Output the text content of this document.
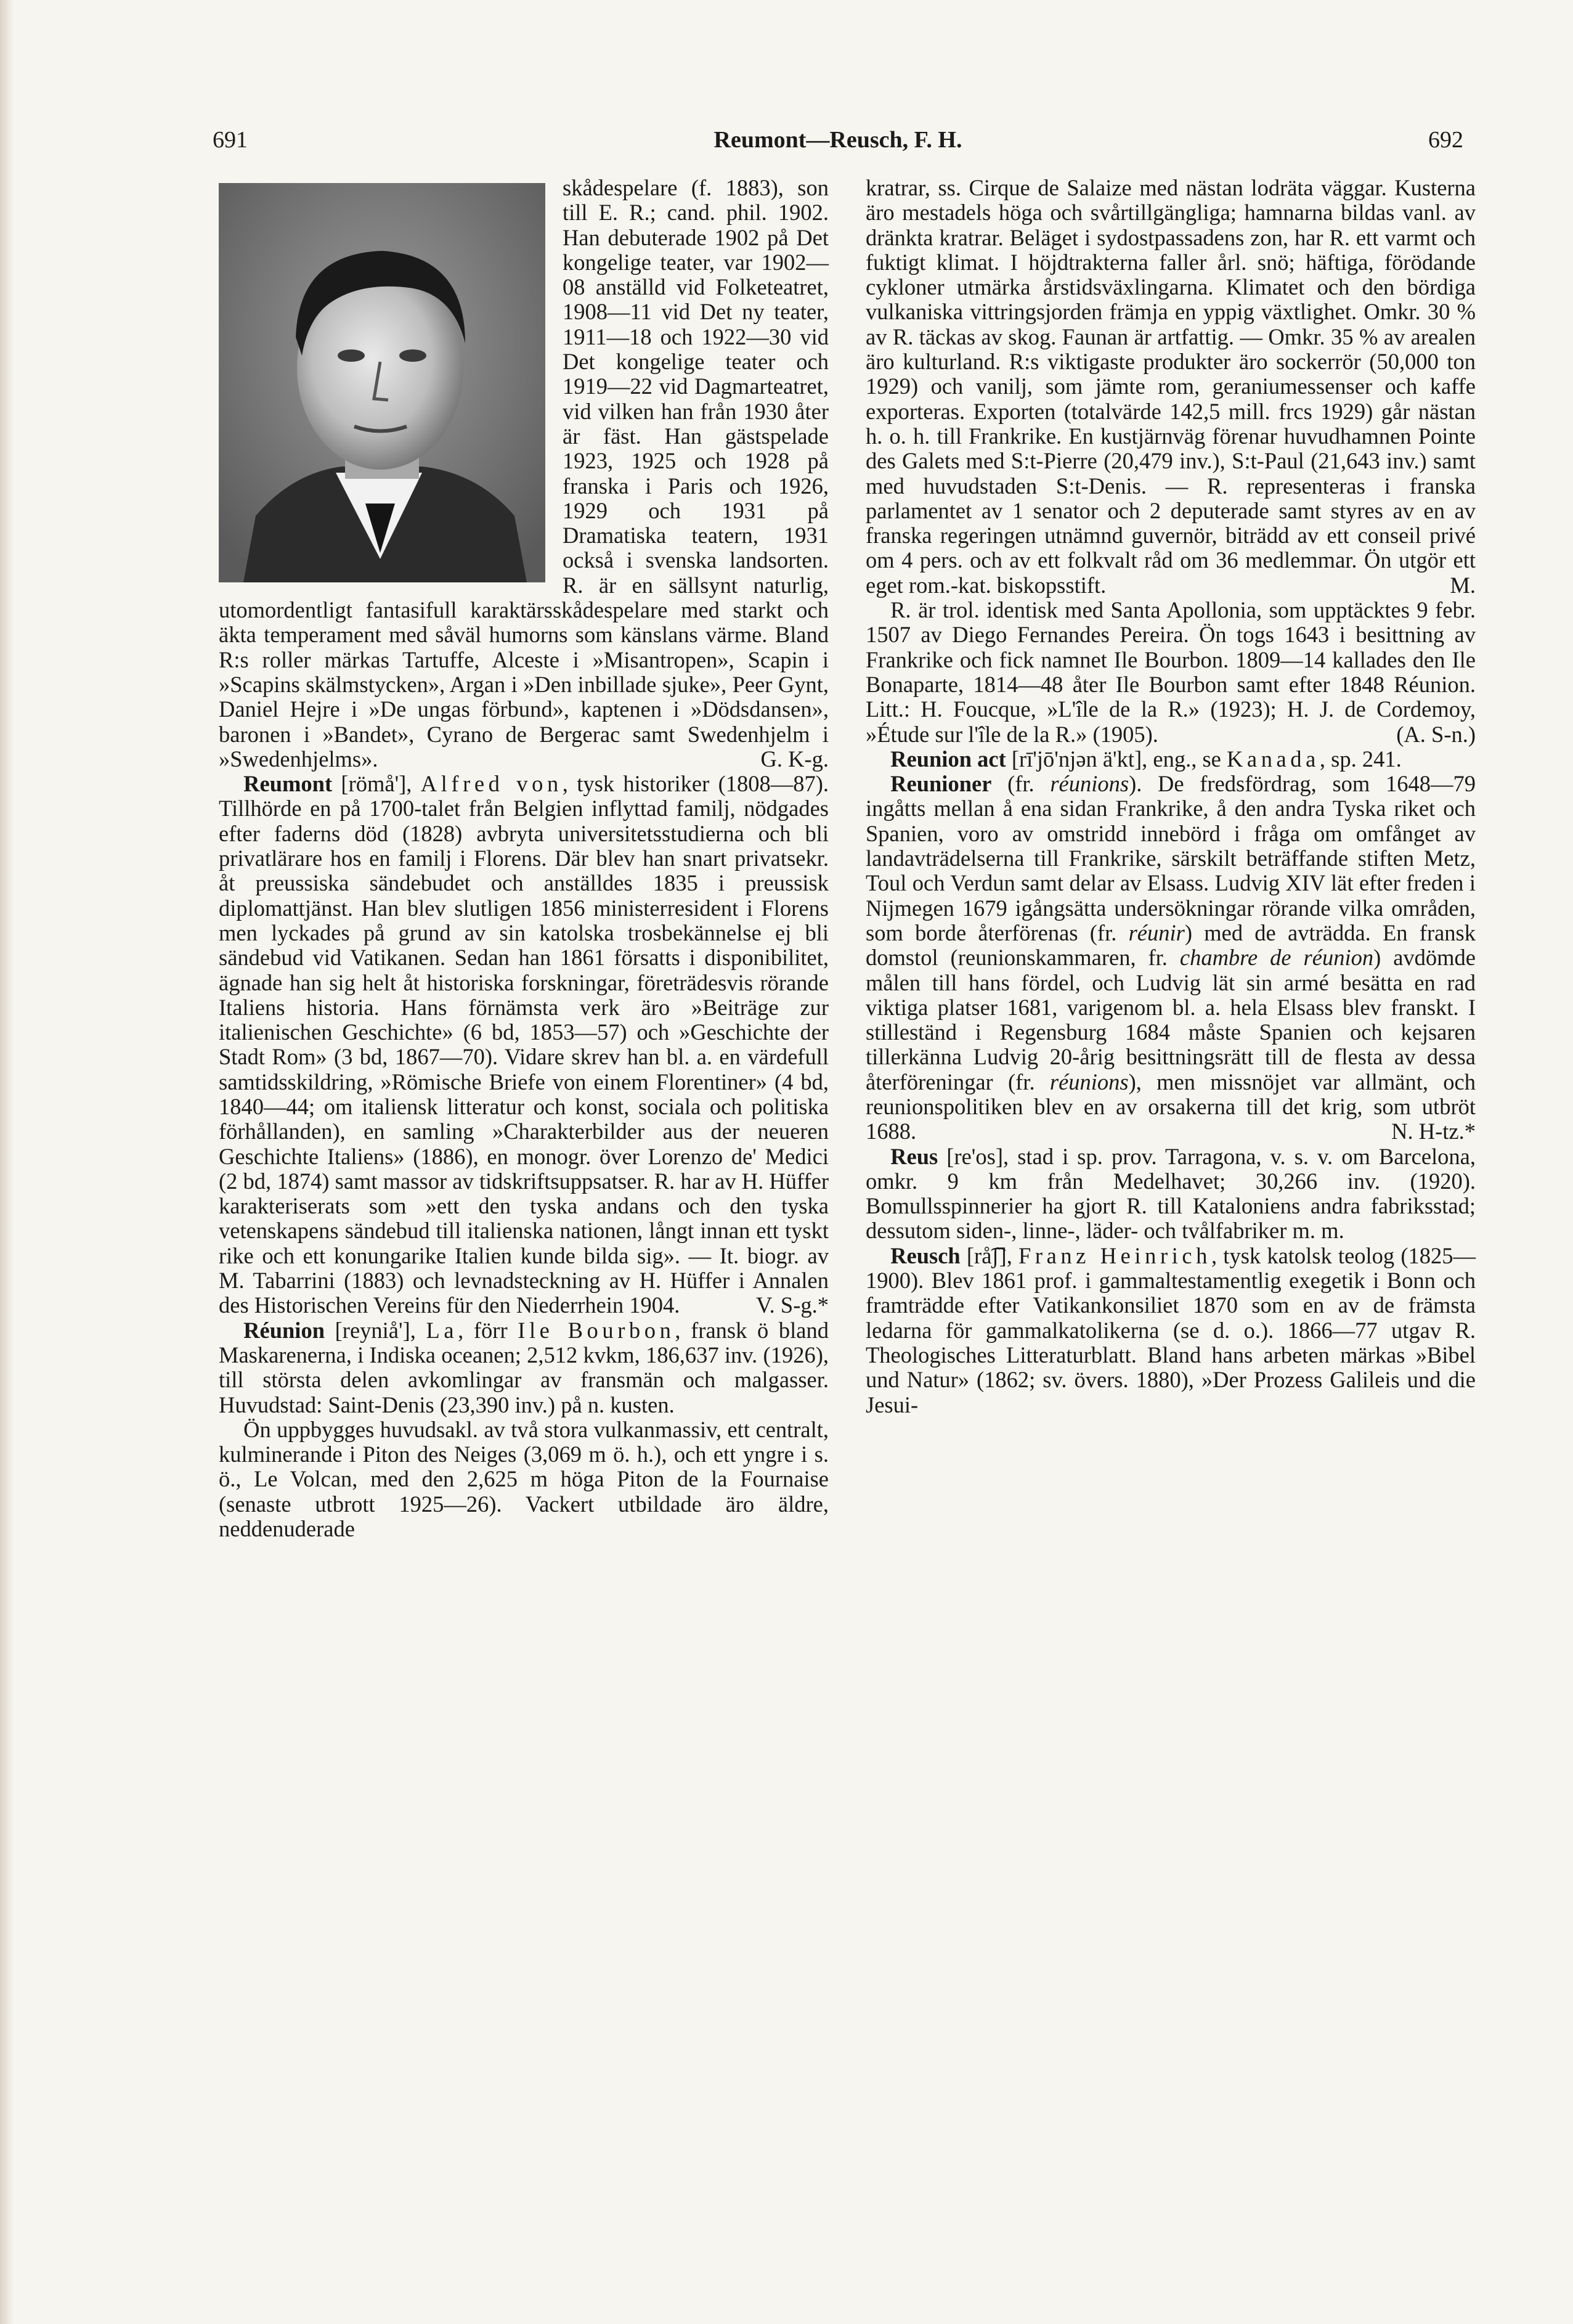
691	Reumont—Reusch, F. H.	692

skådespelare (f. 1883), son till E. R.; cand. phil. 1902. Han debuterade 1902 på Det kongelige teater, var 1902—08 anställd vid Folketeatret, 1908—11 vid Det ny teater, 1911—18 och 1922—30 vid Det kongelige teater och 1919—22 vid Dagmarteatret, vid vilken han från 1930 åter är fäst. Han gästspelade 1923, 1925 och 1928 på franska i Paris och 1926, 1929 och 1931 på Dramatiska teatern, 1931 också i svenska landsorten. R. är en sällsynt naturlig, utomordentligt fantasifull karaktärsskådespelare med starkt och äkta temperament med såväl humorns som känslans värme. Bland R:s roller märkas Tartuffe, Alceste i »Misantropen», Scapin i »Scapins skälmstycken», Argan i »Den inbillade sjuke», Peer Gynt, Daniel Hejre i »De ungas förbund», kaptenen i »Dödsdansen», baronen i »Bandet», Cyrano de Bergerac samt Swedenhjelm i »Swedenhjelms».	G. K-g.

Reumont [römå'], Alfred von, tysk historiker (1808—87). Tillhörde en på 1700-talet från Belgien inflyttad familj, nödgades efter faderns död (1828) avbryta universitetsstudierna och bli privatlärare hos en familj i Florens. Där blev han snart privatsekr. åt preussiska sändebudet och anställdes 1835 i preussisk diplomattjänst. Han blev slutligen 1856 ministerresident i Florens men lyckades på grund av sin katolska trosbekännelse ej bli sändebud vid Vatikanen. Sedan han 1861 försatts i disponibilitet, ägnade han sig helt åt historiska forskningar, företrädesvis rörande Italiens historia. Hans förnämsta verk äro »Beiträge zur italienischen Geschichte» (6 bd, 1853—57) och »Geschichte der Stadt Rom» (3 bd, 1867—70). Vidare skrev han bl. a. en värdefull samtidsskildring, »Römische Briefe von einem Florentiner» (4 bd, 1840—44; om italiensk litteratur och konst, sociala och politiska förhållanden), en samling »Charakterbilder aus der neueren Geschichte Italiens» (1886), en monogr. över Lorenzo de' Medici (2 bd, 1874) samt massor av tidskriftsuppsatser. R. har av H. Hüffer karakteriserats som »ett den tyska andans och den tyska vetenskapens sändebud till italienska nationen, långt innan ett tyskt rike och ett konungarike Italien kunde bilda sig». — It. biogr. av M. Tabarrini (1883) och levnadsteckning av H. Hüffer i Annalen des Historischen Vereins für den Niederrhein 1904.	V. S-g.*

Réunion [reyniå'], La, förr Ile Bourbon, fransk ö bland Maskarenerna, i Indiska oceanen; 2,512 kvkm, 186,637 inv. (1926), till största delen avkomlingar av fransmän och malgasser. Huvudstad: Saint-Denis (23,390 inv.) på n. kusten.

Ön uppbygges huvudsakl. av två stora vulkanmassiv, ett centralt, kulminerande i Piton des Neiges (3,069 m ö. h.), och ett yngre i s. ö., Le Volcan, med den 2,625 m höga Piton de la Fournaise (senaste utbrott 1925—26). Vackert utbildade äro äldre, neddenuderade

kratrar, ss. Cirque de Salaize med nästan lodräta väggar. Kusterna äro mestadels höga och svårtillgängliga; hamnarna bildas vanl. av dränkta kratrar. Beläget i sydostpassadens zon, har R. ett varmt och fuktigt klimat. I höjdtrakterna faller årl. snö; häftiga, förödande cykloner utmärka årstidsväxlingarna. Klimatet och den bördiga vulkaniska vittringsjorden främja en yppig växtlighet. Omkr. 30 % av R. täckas av skog. Faunan är artfattig. — Omkr. 35 % av arealen äro kulturland. R:s viktigaste produkter äro sockerrör (50,000 ton 1929) och vanilj, som jämte rom, geraniumessenser och kaffe exporteras. Exporten (totalvärde 142,5 mill. frcs 1929) går nästan h. o. h. till Frankrike. En kustjärnväg förenar huvudhamnen Pointe des Galets med S:t-Pierre (20,479 inv.), S:t-Paul (21,643 inv.) samt med huvudstaden S:t-Denis. — R. representeras i franska parlamentet av 1 senator och 2 deputerade samt styres av en av franska regeringen utnämnd guvernör, biträdd av ett conseil privé om 4 pers. och av ett folkvalt råd om 36 medlemmar. Ön utgör ett eget rom.-kat. biskopsstift.	M.

R. är trol. identisk med Santa Apollonia, som upptäcktes 9 febr. 1507 av Diego Fernandes Pereira. Ön togs 1643 i besittning av Frankrike och fick namnet Ile Bourbon. 1809—14 kallades den Ile Bonaparte, 1814—48 åter Ile Bourbon samt efter 1848 Réunion. Litt.: H. Foucque, »L'île de la R.» (1923); H. J. de Cordemoy, »Étude sur l'île de la R.» (1905).	(A. S-n.)

Reunion act [rī'jō'njən ä'kt], eng., se Kanada, sp. 241.

Reunioner (fr. réunions). De fredsfördrag, som 1648—79 ingåtts mellan å ena sidan Frankrike, å den andra Tyska riket och Spanien, voro av omstridd innebörd i fråga om omfånget av landavträdelserna till Frankrike, särskilt beträffande stiften Metz, Toul och Verdun samt delar av Elsass. Ludvig XIV lät efter freden i Nijmegen 1679 igångsätta undersökningar rörande vilka områden, som borde återförenas (fr. réunir) med de avträdda. En fransk domstol (reunionskammaren, fr. chambre de réunion) avdömde målen till hans fördel, och Ludvig lät sin armé besätta en rad viktiga platser 1681, varigenom bl. a. hela Elsass blev franskt. I stilleständ i Regensburg 1684 måste Spanien och kejsaren tillerkänna Ludvig 20-årig besittningsrätt till de flesta av dessa återföreningar (fr. réunions), men missnöjet var allmänt, och reunionspolitiken blev en av orsakerna till det krig, som utbröt 1688.	N. H-tz.*

Reus [re'os], stad i sp. prov. Tarragona, v. s. v. om Barcelona, omkr. 9 km från Medelhavet; 30,266 inv. (1920). Bomullsspinnerier ha gjort R. till Kataloniens andra fabriksstad; dessutom siden-, linne-, läder- och tvålfabriker m. m.

Reusch [rå͡ʃ], Franz Heinrich, tysk katolsk teolog (1825—1900). Blev 1861 prof. i gammaltestamentlig exegetik i Bonn och framträdde efter Vatikankonsiliet 1870 som en av de främsta ledarna för gammalkatolikerna (se d. o.). 1866—77 utgav R. Theologisches Litteraturblatt. Bland hans arbeten märkas »Bibel und Natur» (1862; sv. övers. 1880), »Der Prozess Galileis und die Jesui-
